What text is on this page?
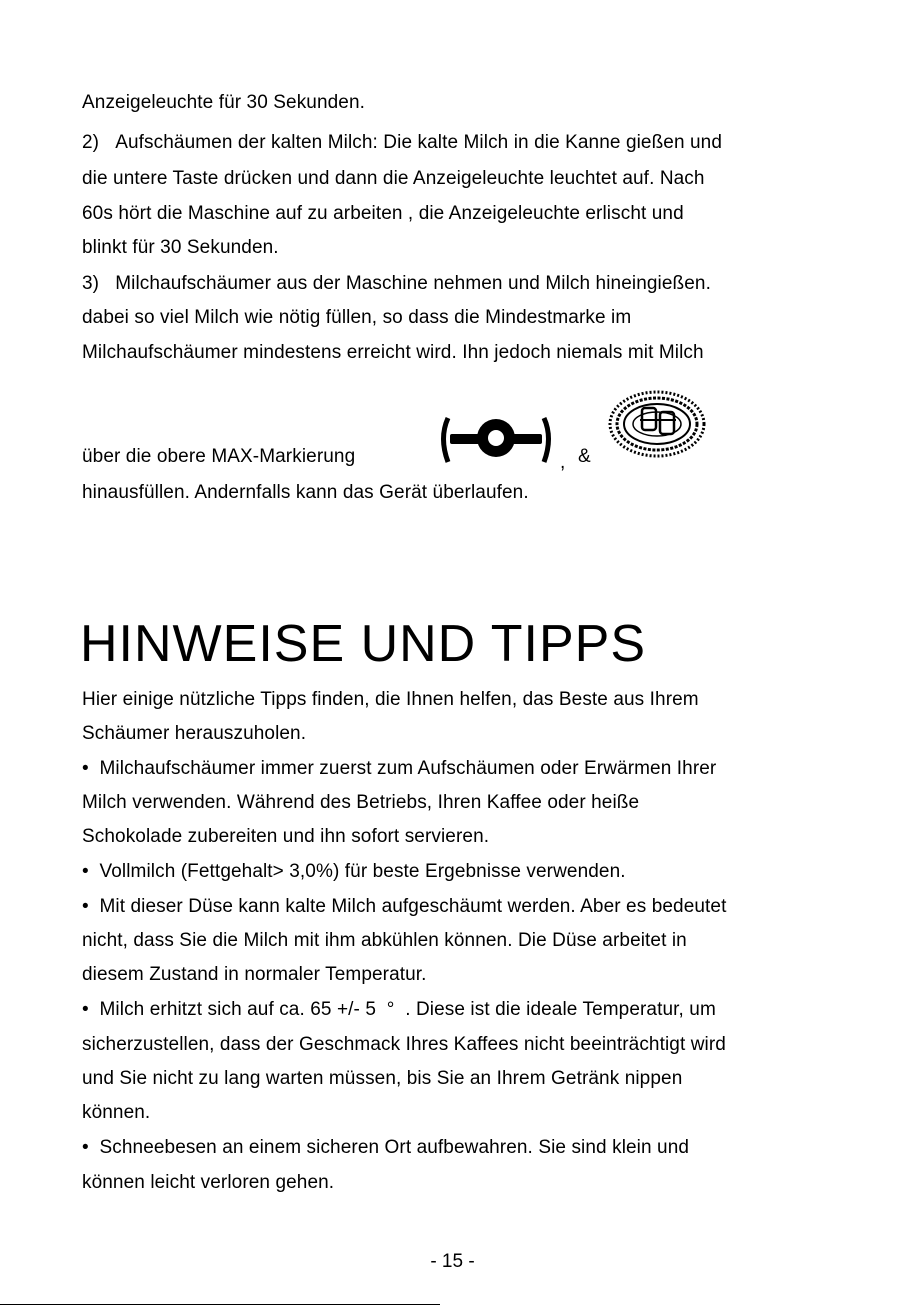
Anzeigeleuchte für 30 Sekunden.
2)   Aufschäumen der kalten Milch: Die kalte Milch in die Kanne gießen und
die untere Taste drücken und dann die Anzeigeleuchte leuchtet auf. Nach
60s hört die Maschine auf zu arbeiten , die Anzeigeleuchte erlischt und
blinkt für 30 Sekunden.
3)   Milchaufschäumer aus der Maschine nehmen und Milch hineingießen.
dabei so viel Milch wie nötig füllen, so dass die Mindestmarke im
Milchaufschäumer mindestens erreicht wird. Ihn jedoch niemals mit Milch
über die obere MAX-Markierung	, &
hinausfüllen. Andernfalls kann das Gerät überlaufen.
HINWEISE UND TIPPS
Hier einige nützliche Tipps finden, die Ihnen helfen, das Beste aus Ihrem
Schäumer herauszuholen.
•  Milchaufschäumer immer zuerst zum Aufschäumen oder Erwärmen Ihrer
Milch verwenden. Während des Betriebs, Ihren Kaffee oder heiße
Schokolade zubereiten und ihn sofort servieren.
•  Vollmilch (Fettgehalt> 3,0%) für beste Ergebnisse verwenden.
•  Mit dieser Düse kann kalte Milch aufgeschäumt werden. Aber es bedeutet
nicht, dass Sie die Milch mit ihm abkühlen können. Die Düse arbeitet in
diesem Zustand in normaler Temperatur.
•  Milch erhitzt sich auf ca. 65 +/- 5  °  . Diese ist die ideale Temperatur, um
sicherzustellen, dass der Geschmack Ihres Kaffees nicht beeinträchtigt wird
und Sie nicht zu lang warten müssen, bis Sie an Ihrem Getränk nippen
können.
•  Schneebesen an einem sicheren Ort aufbewahren. Sie sind klein und
können leicht verloren gehen.
- 15 -
